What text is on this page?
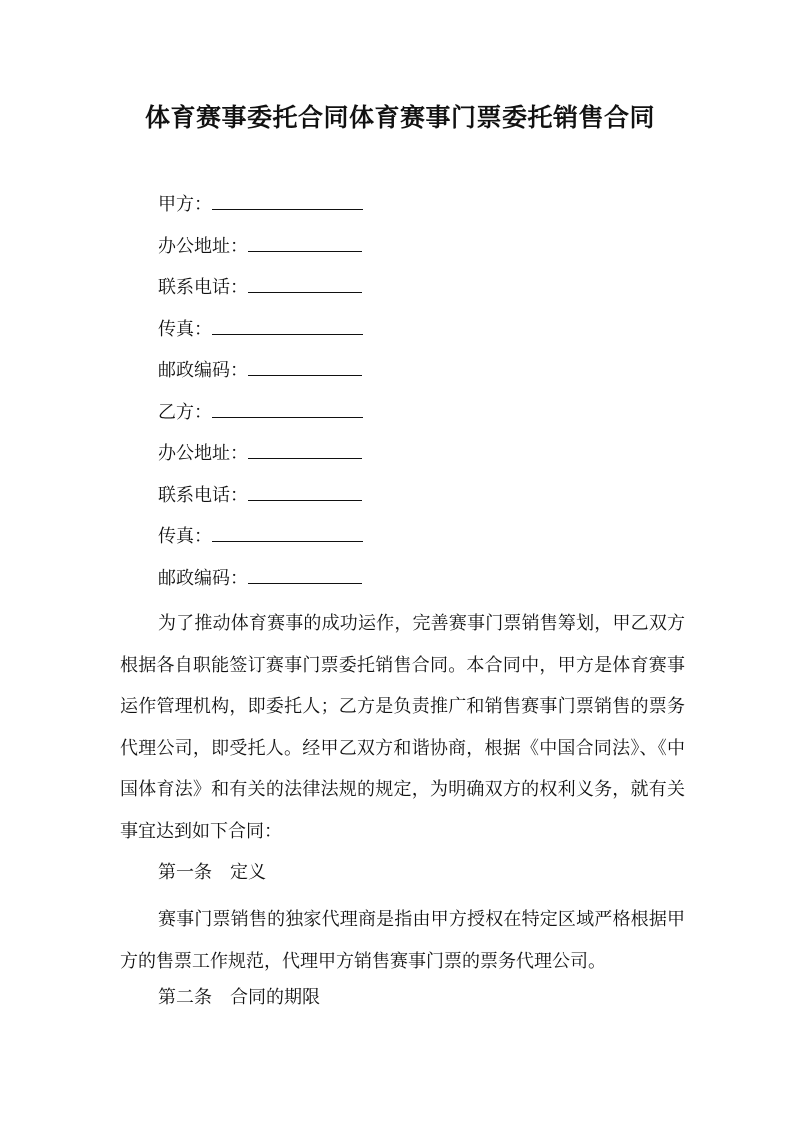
体育赛事委托合同体育赛事门票委托销售合同
甲方：
办公地址：
联系电话：
传真：
邮政编码：
乙方：
办公地址：
联系电话：
传真：
邮政编码：

为了推动体育赛事的成功运作，完善赛事门票销售筹划，甲乙双方根据各自职能签订赛事门票委托销售合同。本合同中，甲方是体育赛事运作管理机构，即委托人；乙方是负责推广和销售赛事门票销售的票务代理公司，即受托人。经甲乙双方和谐协商，根据《中国合同法》、《中国体育法》和有关的法律法规的规定，为明确双方的权利义务，就有关事宜达到如下合同：

第一条　定义

赛事门票销售的独家代理商是指由甲方授权在特定区域严格根据甲方的售票工作规范，代理甲方销售赛事门票的票务代理公司。

第二条　合同的期限
